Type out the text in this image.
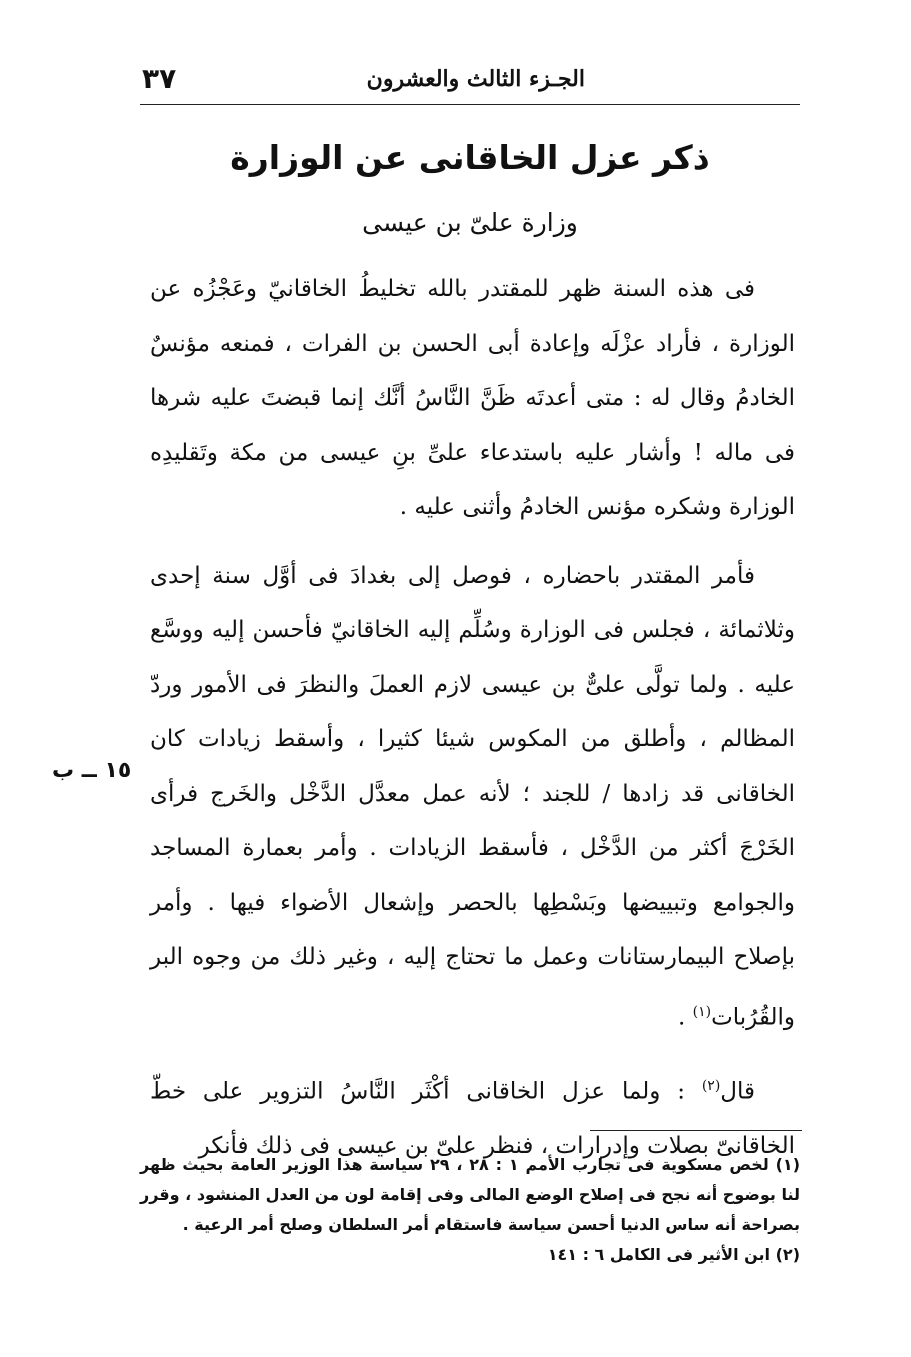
٣٧	الجـزء الثالث والعشرون
ذكر عزل الخاقانى عن الوزارة
وزارة علىّ بن عيسى
١٥ ــ ب

فى هذه السنة ظهر للمقتدر بالله تخليطُ الخاقانيّ وعَجْزُه عن الوزارة ، فأراد عزْلَه وإعادة أبى الحسن بن الفرات ، فمنعه مؤنسٌ الخادمُ وقال له : متى أعدتَه ظَنَّ النَّاسُ أنَّك إنما قبضتَ عليه شرها فى ماله ! وأشار عليه باستدعاء علىِّ بنِ عيسى من مكة وتَقليدِه الوزارة وشكره مؤنس الخادمُ وأثنى عليه .

فأمر المقتدر باحضاره ، فوصل إلى بغدادَ فى أوَّل سنة إحدى وثلاثمائة ، فجلس فى الوزارة وسُلِّم إليه الخاقانيّ فأحسن إليه ووسَّع عليه . ولما تولَّى علىٌّ بن عيسى لازم العملَ والنظرَ فى الأمور وردّ المظالم ، وأطلق من المكوس شيئا كثيرا ، وأسقط زيادات كان الخاقانى قد زادها / للجند ؛ لأنه عمل معدَّل الدَّخْل والخَرج فرأى الخَرْجَ أكثر من الدَّخْل ، فأسقط الزيادات . وأمر بعمارة المساجد والجوامع وتبييضها وبَسْطِها بالحصر وإشعال الأضواء فيها . وأمر بإصلاح البيمارستانات وعمل ما تحتاج إليه ، وغير ذلك من وجوه البر والقُرُبات$^{(١)}$ .

قال$^{(٢)}$ : ولما عزل الخاقانى أكْثَر النَّاسُ التزوير على خطّ الخاقانىّ بصلات وإدرارات ، فنظر علىّ بن عيسى فى ذلك فأنكر

(١) لخص مسكوية فى تجارب الأمم ١ : ٢٨ ، ٢٩ سياسة هذا الوزير العامة بحيث ظهر لنا بوضوح أنه نجح فى إصلاح الوضع المالى وفى إقامة لون من العدل المنشود ، وقرر بصراحة أنه ساس الدنيا أحسن سياسة فاستقام أمر السلطان وصلح أمر الرعية .

(٢) ابن الأثير فى الكامل ٦ : ١٤١
